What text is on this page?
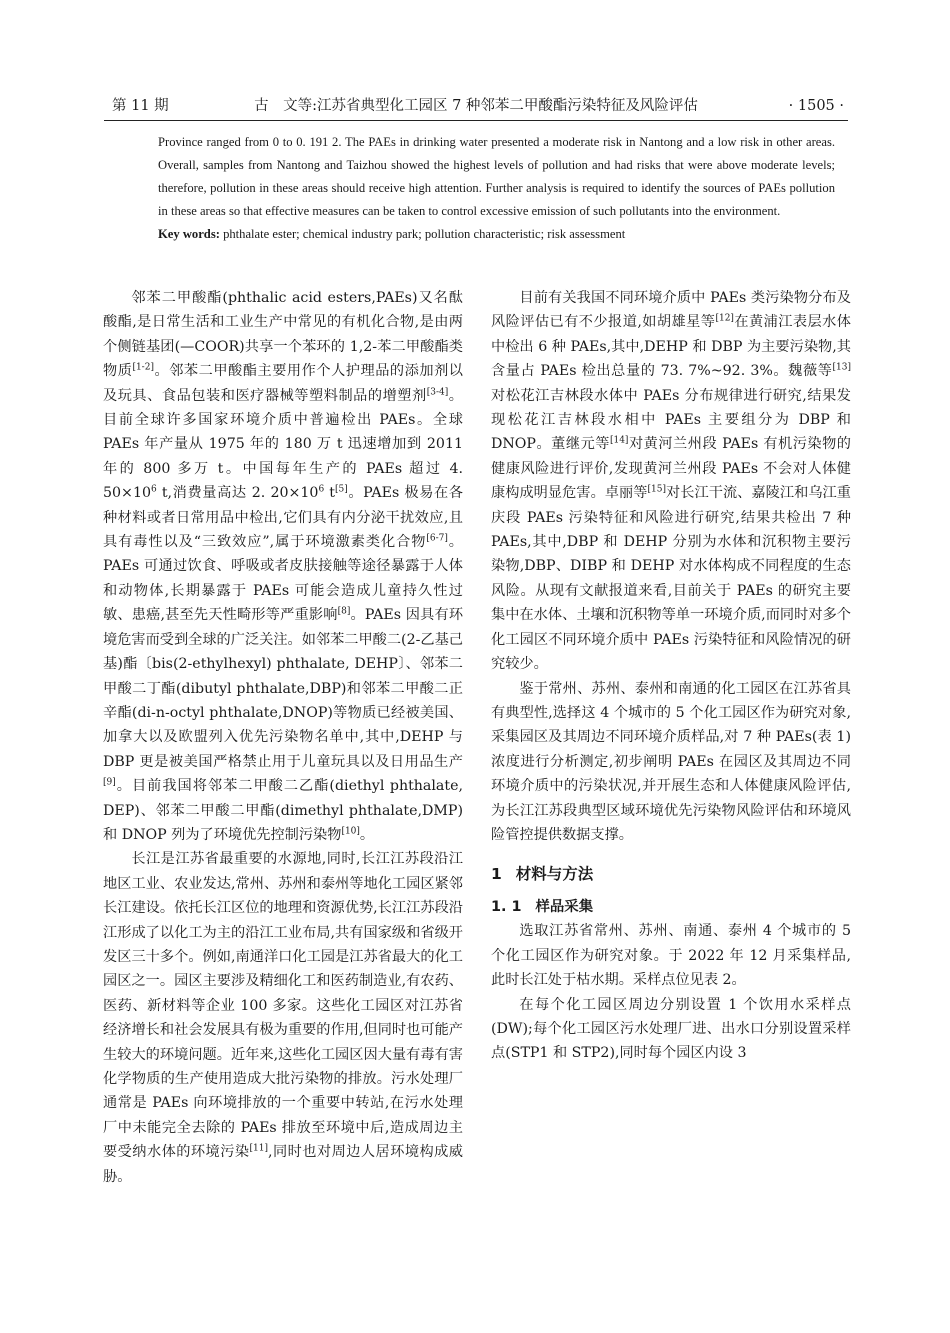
第 11 期	古　文等:江苏省典型化工园区 7 种邻苯二甲酸酯污染特征及风险评估	· 1505 ·

Province ranged from 0 to 0. 191 2. The PAEs in drinking water presented a moderate risk in Nantong and a low risk in other areas. Overall, samples from Nantong and Taizhou showed the highest levels of pollution and had risks that were above moderate levels; therefore, pollution in these areas should receive high attention. Further analysis is required to identify the sources of PAEs pollution in these areas so that effective measures can be taken to control excessive emission of such pollutants into the environment.

Key words: phthalate ester; chemical industry park; pollution characteristic; risk assessment

邻苯二甲酸酯(phthalic acid esters,PAEs)又名酞酸酯,是日常生活和工业生产中常见的有机化合物,是由两个侧链基团(—COOR)共享一个苯环的 1,2-苯二甲酸酯类物质[1-2]。邻苯二甲酸酯主要用作个人护理品的添加剂以及玩具、食品包装和医疗器械等塑料制品的增塑剂[3-4]。目前全球许多国家环境介质中普遍检出 PAEs。全球 PAEs 年产量从 1975 年的 180 万 t 迅速增加到 2011 年的 800 多万 t。中国每年生产的 PAEs 超过 4. $50\times 10^6$ t,消费量高达 2. $20\times 10^6$ t[5]。PAEs 极易在各种材料或者日常用品中检出,它们具有内分泌干扰效应,且具有毒性以及“三致效应”,属于环境激素类化合物[6-7]。PAEs 可通过饮食、呼吸或者皮肤接触等途径暴露于人体和动物体,长期暴露于 PAEs 可能会造成儿童持久性过敏、患癌,甚至先天性畸形等严重影响[8]。PAEs 因具有环境危害而受到全球的广泛关注。如邻苯二甲酸二(2-乙基己基)酯〔bis(2-ethylhexyl) phthalate, DEHP〕、邻苯二甲酸二丁酯(dibutyl phthalate,DBP)和邻苯二甲酸二正辛酯(di-n-octyl phthalate,DNOP)等物质已经被美国、加拿大以及欧盟列入优先污染物名单中,其中,DEHP 与 DBP 更是被美国严格禁止用于儿童玩具以及日用品生产[9]。目前我国将邻苯二甲酸二乙酯(diethyl phthalate, DEP)、邻苯二甲酸二甲酯(dimethyl phthalate,DMP)和 DNOP 列为了环境优先控制污染物[10]。

长江是江苏省最重要的水源地,同时,长江江苏段沿江地区工业、农业发达,常州、苏州和泰州等地化工园区紧邻长江建设。依托长江区位的地理和资源优势,长江江苏段沿江形成了以化工为主的沿江工业布局,共有国家级和省级开发区三十多个。例如,南通洋口化工园是江苏省最大的化工园区之一。园区主要涉及精细化工和医药制造业,有农药、医药、新材料等企业 100 多家。这些化工园区对江苏省经济增长和社会发展具有极为重要的作用,但同时也可能产生较大的环境问题。近年来,这些化工园区因大量有毒有害化学物质的生产使用造成大批污染物的排放。污水处理厂通常是 PAEs 向环境排放的一个重要中转站,在污水处理厂中未能完全去除的 PAEs 排放至环境中后,造成周边主要受纳水体的环境污染[11],同时也对周边人居环境构成威胁。

目前有关我国不同环境介质中 PAEs 类污染物分布及风险评估已有不少报道,如胡雄星等[12]在黄浦江表层水体中检出 6 种 PAEs,其中,DEHP 和 DBP 为主要污染物,其含量占 PAEs 检出总量的 73. 7%~92. 3%。魏薇等[13]对松花江吉林段水体中 PAEs 分布规律进行研究,结果发现松花江吉林段水相中 PAEs 主要组分为 DBP 和 DNOP。董继元等[14]对黄河兰州段 PAEs 有机污染物的健康风险进行评价,发现黄河兰州段 PAEs 不会对人体健康构成明显危害。卓丽等[15]对长江干流、嘉陵江和乌江重庆段 PAEs 污染特征和风险进行研究,结果共检出 7 种 PAEs,其中,DBP 和 DEHP 分别为水体和沉积物主要污染物,DBP、DIBP 和 DEHP 对水体构成不同程度的生态风险。从现有文献报道来看,目前关于 PAEs 的研究主要集中在水体、土壤和沉积物等单一环境介质,而同时对多个化工园区不同环境介质中 PAEs 污染特征和风险情况的研究较少。

鉴于常州、苏州、泰州和南通的化工园区在江苏省具有典型性,选择这 4 个城市的 5 个化工园区作为研究对象,采集园区及其周边不同环境介质样品,对 7 种 PAEs(表 1)浓度进行分析测定,初步阐明 PAEs 在园区及其周边不同环境介质中的污染状况,并开展生态和人体健康风险评估,为长江江苏段典型区域环境优先污染物风险评估和环境风险管控提供数据支撑。

1 材料与方法
1. 1 样品采集

选取江苏省常州、苏州、南通、泰州 4 个城市的 5 个化工园区作为研究对象。于 2022 年 12 月采集样品,此时长江处于枯水期。采样点位见表 2。

在每个化工园区周边分别设置 1 个饮用水采样点(DW);每个化工园区污水处理厂进、出水口分别设置采样点(STP1 和 STP2),同时每个园区内设 3
